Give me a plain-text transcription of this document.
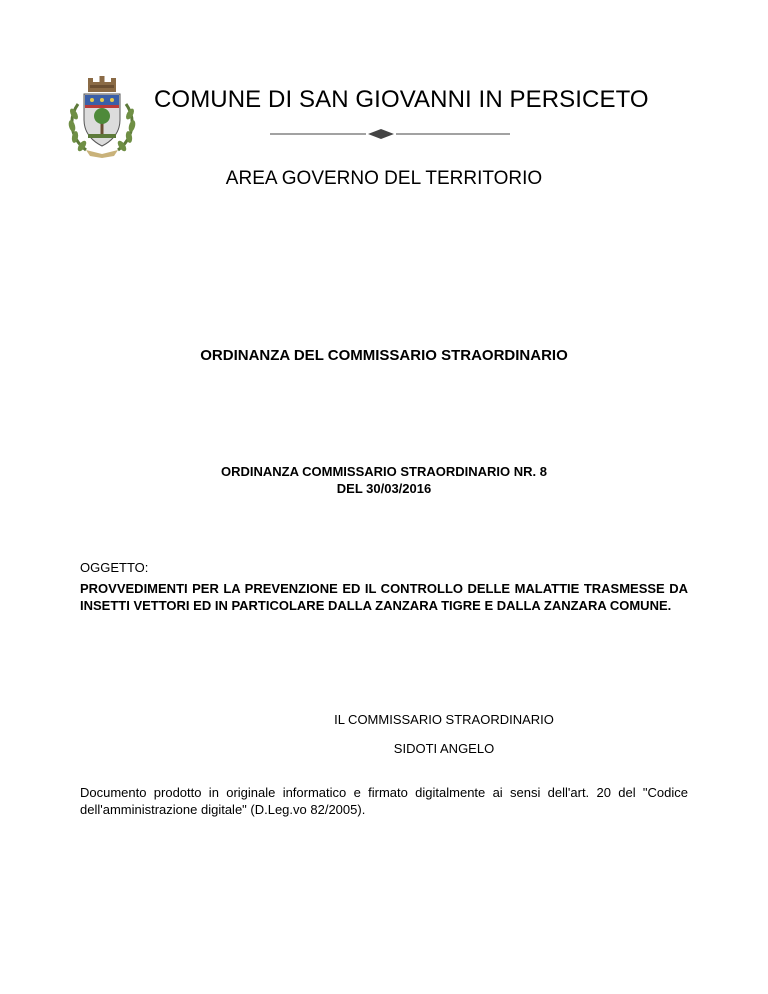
COMUNE DI SAN GIOVANNI IN PERSICETO
AREA GOVERNO DEL TERRITORIO
ORDINANZA DEL COMMISSARIO STRAORDINARIO
ORDINANZA COMMISSARIO STRAORDINARIO NR. 8
DEL 30/03/2016
OGGETTO:
PROVVEDIMENTI PER LA PREVENZIONE ED IL CONTROLLO DELLE MALATTIE TRASMESSE DA INSETTI VETTORI ED IN PARTICOLARE DALLA ZANZARA TIGRE E DALLA ZANZARA COMUNE.
IL COMMISSARIO STRAORDINARIO
SIDOTI ANGELO
Documento prodotto in originale informatico e firmato digitalmente ai sensi dell'art. 20 del "Codice dell'amministrazione digitale" (D.Leg.vo 82/2005).
